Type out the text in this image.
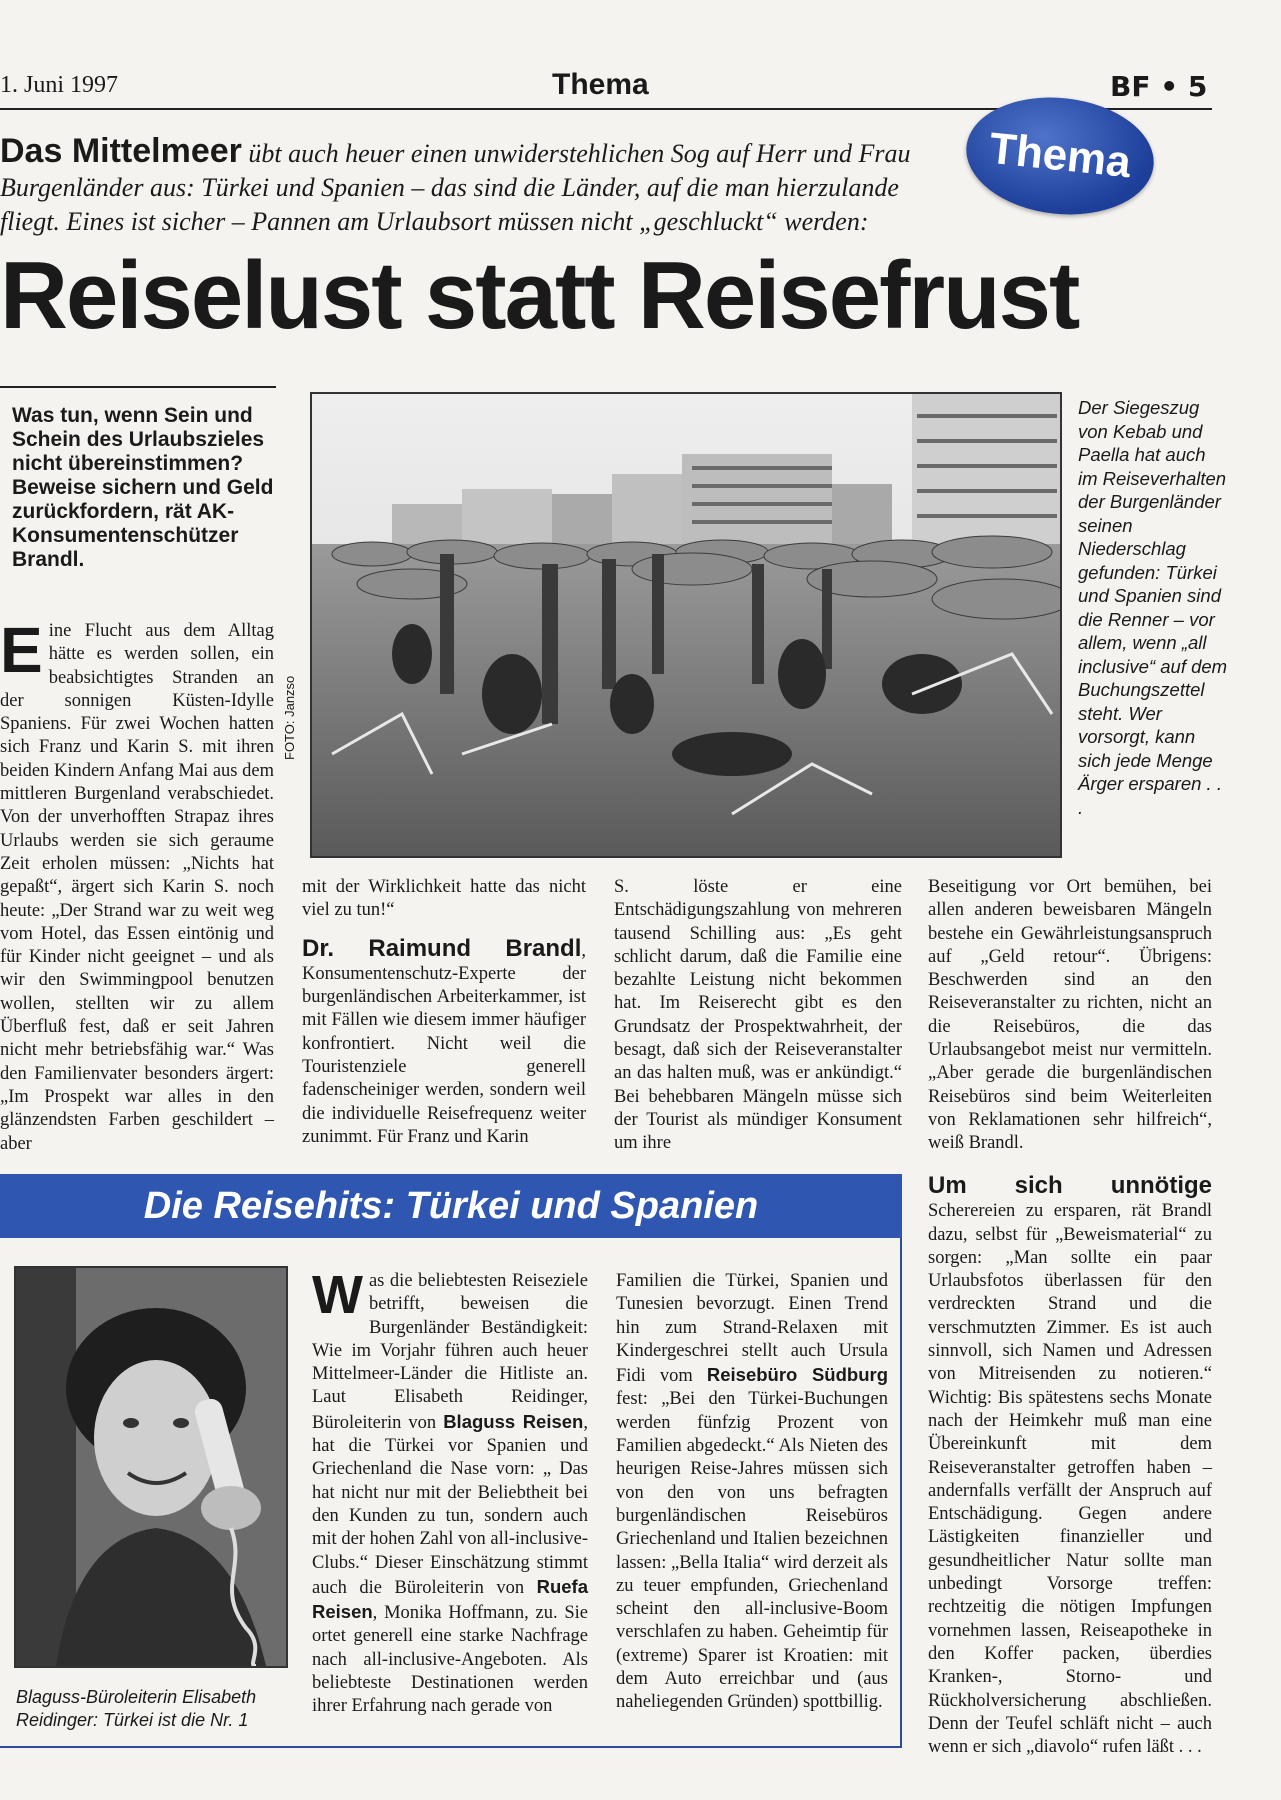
1. Juni 1997	Thema	BF • 5
Das Mittelmeer übt auch heuer einen unwiderstehlichen Sog auf Herr und Frau Burgenländer aus: Türkei und Spanien – das sind die Länder, auf die man hierzulande fliegt. Eines ist sicher – Pannen am Urlaubsort müssen nicht „geschluckt“ werden:
Thema
Reiselust statt Reisefrust
Was tun, wenn Sein und Schein des Urlaubszieles nicht übereinstimmen? Beweise sichern und Geld zurückfordern, rät AK-Konsumentenschützer Brandl.

Eine Flucht aus dem Alltag hätte es werden sollen, ein beabsichtigtes Stranden an der sonnigen Küsten-Idylle Spaniens. Für zwei Wochen hatten sich Franz und Karin S. mit ihren beiden Kindern Anfang Mai aus dem mittleren Burgenland verabschiedet. Von der unverhofften Strapaz ihres Urlaubs werden sie sich geraume Zeit erholen müssen: „Nichts hat gepaßt“, ärgert sich Karin S. noch heute: „Der Strand war zu weit weg vom Hotel, das Essen eintönig und für Kinder nicht geeignet – und als wir den Swimmingpool benutzen wollen, stellten wir zu allem Überfluß fest, daß er seit Jahren nicht mehr betriebsfähig war.“ Was den Familienvater besonders ärgert: „Im Prospekt war alles in den glänzendsten Farben geschildert – aber

FOTO: Janzso
Der Siegeszug von Kebab und Paella hat auch im Reiseverhalten der Burgenländer seinen Niederschlag gefunden: Türkei und Spanien sind die Renner – vor allem, wenn „all inclusive“ auf dem Buchungszettel steht. Wer vorsorgt, kann sich jede Menge Ärger ersparen . . .

mit der Wirklichkeit hatte das nicht viel zu tun!“

Dr. Raimund Brandl, Konsumentenschutz-Experte der burgenländischen Arbeiterkammer, ist mit Fällen wie diesem immer häufiger konfrontiert. Nicht weil die Touristenziele generell fadenscheiniger werden, sondern weil die individuelle Reisefrequenz weiter zunimmt. Für Franz und Karin

S. löste er eine Entschädigungszahlung von mehreren tausend Schilling aus: „Es geht schlicht darum, daß die Familie eine bezahlte Leistung nicht bekommen hat. Im Reiserecht gibt es den Grundsatz der Prospektwahrheit, der besagt, daß sich der Reiseveranstalter an das halten muß, was er ankündigt.“ Bei behebbaren Mängeln müsse sich der Tourist als mündiger Konsument um ihre

Beseitigung vor Ort bemühen, bei allen anderen beweisbaren Mängeln bestehe ein Gewährleistungsanspruch auf „Geld retour“. Übrigens: Beschwerden sind an den Reiseveranstalter zu richten, nicht an die Reisebüros, die das Urlaubsangebot meist nur vermitteln. „Aber gerade die burgenländischen Reisebüros sind beim Weiterleiten von Reklamationen sehr hilfreich“, weiß Brandl.

Die Reisehits: Türkei und Spanien
Blaguss-Büroleiterin Elisabeth Reidinger: Türkei ist die Nr. 1

Was die beliebtesten Reiseziele betrifft, beweisen die Burgenländer Beständigkeit: Wie im Vorjahr führen auch heuer Mittelmeer-Länder die Hitliste an. Laut Elisabeth Reidinger, Büroleiterin von Blaguss Reisen, hat die Türkei vor Spanien und Griechenland die Nase vorn: „ Das hat nicht nur mit der Beliebtheit bei den Kunden zu tun, sondern auch mit der hohen Zahl von all-inclusive-Clubs.“ Dieser Einschätzung stimmt auch die Büroleiterin von Ruefa Reisen, Monika Hoffmann, zu. Sie ortet generell eine starke Nachfrage nach all-inclusive-Angeboten. Als beliebteste Destinationen werden ihrer Erfahrung nach gerade von

Familien die Türkei, Spanien und Tunesien bevorzugt. Einen Trend hin zum Strand-Relaxen mit Kindergeschrei stellt auch Ursula Fidi vom Reisebüro Südburg fest: „Bei den Türkei-Buchungen werden fünfzig Prozent von Familien abgedeckt.“ Als Nieten des heurigen Reise-Jahres müssen sich von den von uns befragten burgenländischen Reisebüros Griechenland und Italien bezeichnen lassen: „Bella Italia“ wird derzeit als zu teuer empfunden, Griechenland scheint den all-inclusive-Boom verschlafen zu haben. Geheimtip für (extreme) Sparer ist Kroatien: mit dem Auto erreichbar und (aus naheliegenden Gründen) spottbillig.

Um sich unnötige Scherereien zu ersparen, rät Brandl dazu, selbst für „Beweismaterial“ zu sorgen: „Man sollte ein paar Urlaubsfotos überlassen für den verdreckten Strand und die verschmutzten Zimmer. Es ist auch sinnvoll, sich Namen und Adressen von Mitreisenden zu notieren.“ Wichtig: Bis spätestens sechs Monate nach der Heimkehr muß man eine Übereinkunft mit dem Reiseveranstalter getroffen haben – andernfalls verfällt der Anspruch auf Entschädigung. Gegen andere Lästigkeiten finanzieller und gesundheitlicher Natur sollte man unbedingt Vorsorge treffen: rechtzeitig die nötigen Impfungen vornehmen lassen, Reiseapotheke in den Koffer packen, überdies Kranken-, Storno- und Rückholversicherung abschließen. Denn der Teufel schläft nicht – auch wenn er sich „diavolo“ rufen läßt . . .
